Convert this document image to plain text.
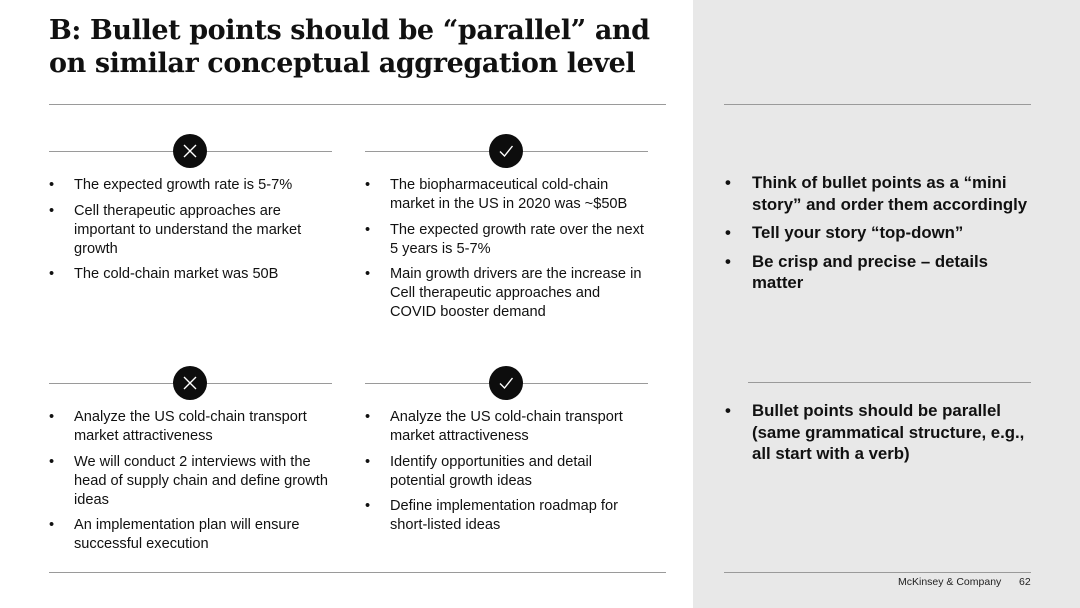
B: Bullet points should be “parallel” and on similar conceptual aggregation level
• The expected growth rate is 5-7%
• Cell therapeutic approaches are important to understand the market growth
• The cold-chain market was 50B
• The biopharmaceutical cold-chain market in the US in 2020 was ~$50B
• The expected growth rate over the next 5 years is 5-7%
• Main growth drivers are the increase in Cell therapeutic approaches and COVID booster demand
• Analyze the US cold-chain transport market attractiveness
• We will conduct 2 interviews with the head of supply chain and define growth ideas
• An implementation plan will ensure successful execution
• Analyze the US cold-chain transport market attractiveness
• Identify opportunities and detail potential growth ideas
• Define implementation roadmap for short-listed ideas
• Think of bullet points as a “mini story” and order them accordingly
• Tell your story “top-down”
• Be crisp and precise – details matter
• Bullet points should be parallel (same grammatical structure, e.g., all start with a verb)
McKinsey & Company 62
